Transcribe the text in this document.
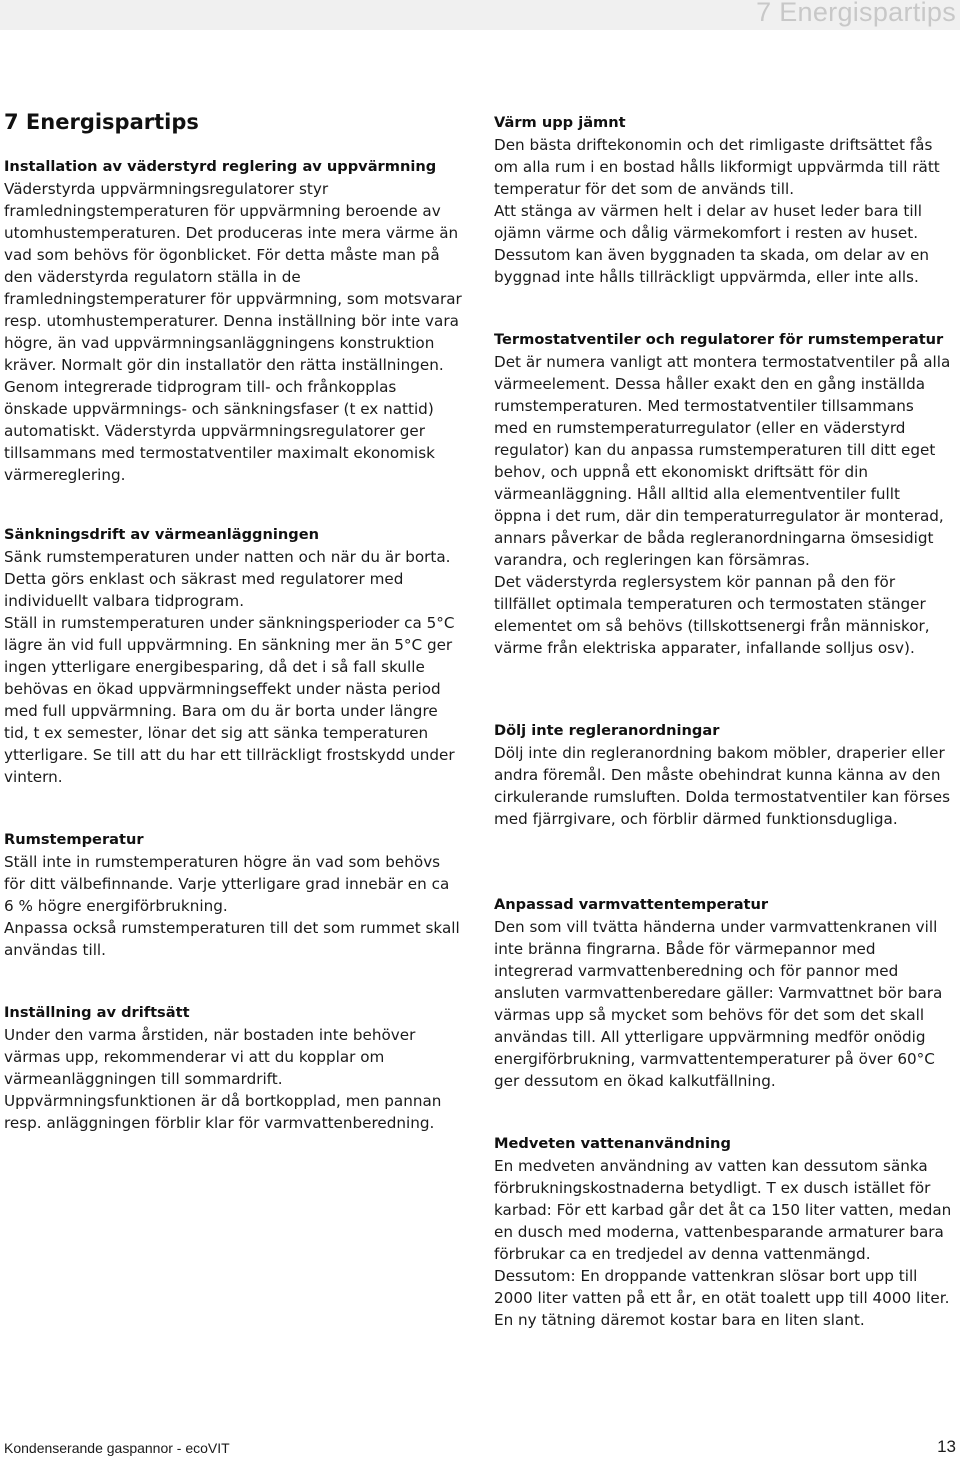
7 Energispartips
7 Energispartips
Installation av väderstyrd reglering av uppvärmning

Väderstyrda uppvärmningsregulatorer styr framledningstemperaturen för uppvärmning beroende av utomhustemperaturen. Det produceras inte mera värme än vad som behövs för ögonblicket. För detta måste man på den väderstyrda regulatorn ställa in de framledningstemperaturer för uppvärmning, som motsvarar resp. utomhustemperaturer. Denna inställning bör inte vara högre, än vad uppvärmningsanläggningens konstruktion kräver. Normalt gör din installatör den rätta inställningen. Genom integrerade tidprogram till- och frånkopplas önskade uppvärmnings- och sänkningsfaser (t ex nattid) automatiskt. Väderstyrda uppvärmningsregulatorer ger tillsammans med termostatventiler maximalt ekonomisk värmereglering.

Sänkningsdrift av värmeanläggningen

Sänk rumstemperaturen under natten och när du är borta. Detta görs enklast och säkrast med regulatorer med individuellt valbara tidprogram.

Ställ in rumstemperaturen under sänkningsperioder ca 5°C lägre än vid full uppvärmning. En sänkning mer än 5°C ger ingen ytterligare energibesparing, då det i så fall skulle behövas en ökad uppvärmningseffekt under nästa period med full uppvärmning. Bara om du är borta under längre tid, t ex semester, lönar det sig att sänka temperaturen ytterligare. Se till att du har ett tillräckligt frostskydd under vintern.

Rumstemperatur

Ställ inte in rumstemperaturen högre än vad som behövs för ditt välbefinnande. Varje ytterligare grad innebär en ca 6 % högre energiförbrukning.

Anpassa också rumstemperaturen till det som rummet skall användas till.

Inställning av driftsätt

Under den varma årstiden, när bostaden inte behöver värmas upp, rekommenderar vi att du kopplar om värmeanläggningen till sommardrift.

Uppvärmningsfunktionen är då bortkopplad, men pannan resp. anläggningen förblir klar för varmvattenberedning.

Värm upp jämnt

Den bästa driftekonomin och det rimligaste driftsättet fås om alla rum i en bostad hålls likformigt uppvärmda till rätt temperatur för det som de används till.

Att stänga av värmen helt i delar av huset leder bara till ojämn värme och dålig värmekomfort i resten av huset.

Dessutom kan även byggnaden ta skada, om delar av en byggnad inte hålls tillräckligt uppvärmda, eller inte alls.

Termostatventiler och regulatorer för rumstemperatur

Det är numera vanligt att montera termostatventiler på alla värmeelement. Dessa håller exakt den en gång inställda rumstemperaturen. Med termostatventiler tillsammans med en rumstemperaturregulator (eller en väderstyrd regulator) kan du anpassa rumstemperaturen till ditt eget behov, och uppnå ett ekonomiskt driftsätt för din värmeanläggning. Håll alltid alla elementventiler fullt öppna i det rum, där din temperaturregulator är monterad, annars påverkar de båda regleranordningarna ömsesidigt varandra, och regleringen kan försämras.

Det väderstyrda reglersystem kör pannan på den för tillfället optimala temperaturen och termostaten stänger elementet om så behövs (tillskottsenergi från människor, värme från elektriska apparater, infallande solljus osv).

Dölj inte regleranordningar

Dölj inte din regleranordning bakom möbler, draperier eller andra föremål. Den måste obehindrat kunna känna av den cirkulerande rumsluften. Dolda termostatventiler kan förses med fjärrgivare, och förblir därmed funktionsdugliga.

Anpassad varmvattentemperatur

Den som vill tvätta händerna under varmvattenkranen vill inte bränna fingrarna. Både för värmepannor med integrerad varmvattenberedning och för pannor med ansluten varmvattenberedare gäller: Varmvattnet bör bara värmas upp så mycket som behövs för det som det skall användas till. All ytterligare uppvärmning medför onödig energiförbrukning, varmvattentemperaturer på över 60°C ger dessutom en ökad kalkutfällning.

Medveten vattenanvändning

En medveten användning av vatten kan dessutom sänka förbrukningskostnaderna betydligt. T ex dusch istället för karbad: För ett karbad går det åt ca 150 liter vatten, medan en dusch med moderna, vattenbesparande armaturer bara förbrukar ca en tredjedel av denna vattenmängd.

Dessutom: En droppande vattenkran slösar bort upp till 2000 liter vatten på ett år, en otät toalett upp till 4000 liter. En ny tätning däremot kostar bara en liten slant.

Kondenserande gaspannor - ecoVIT	13
